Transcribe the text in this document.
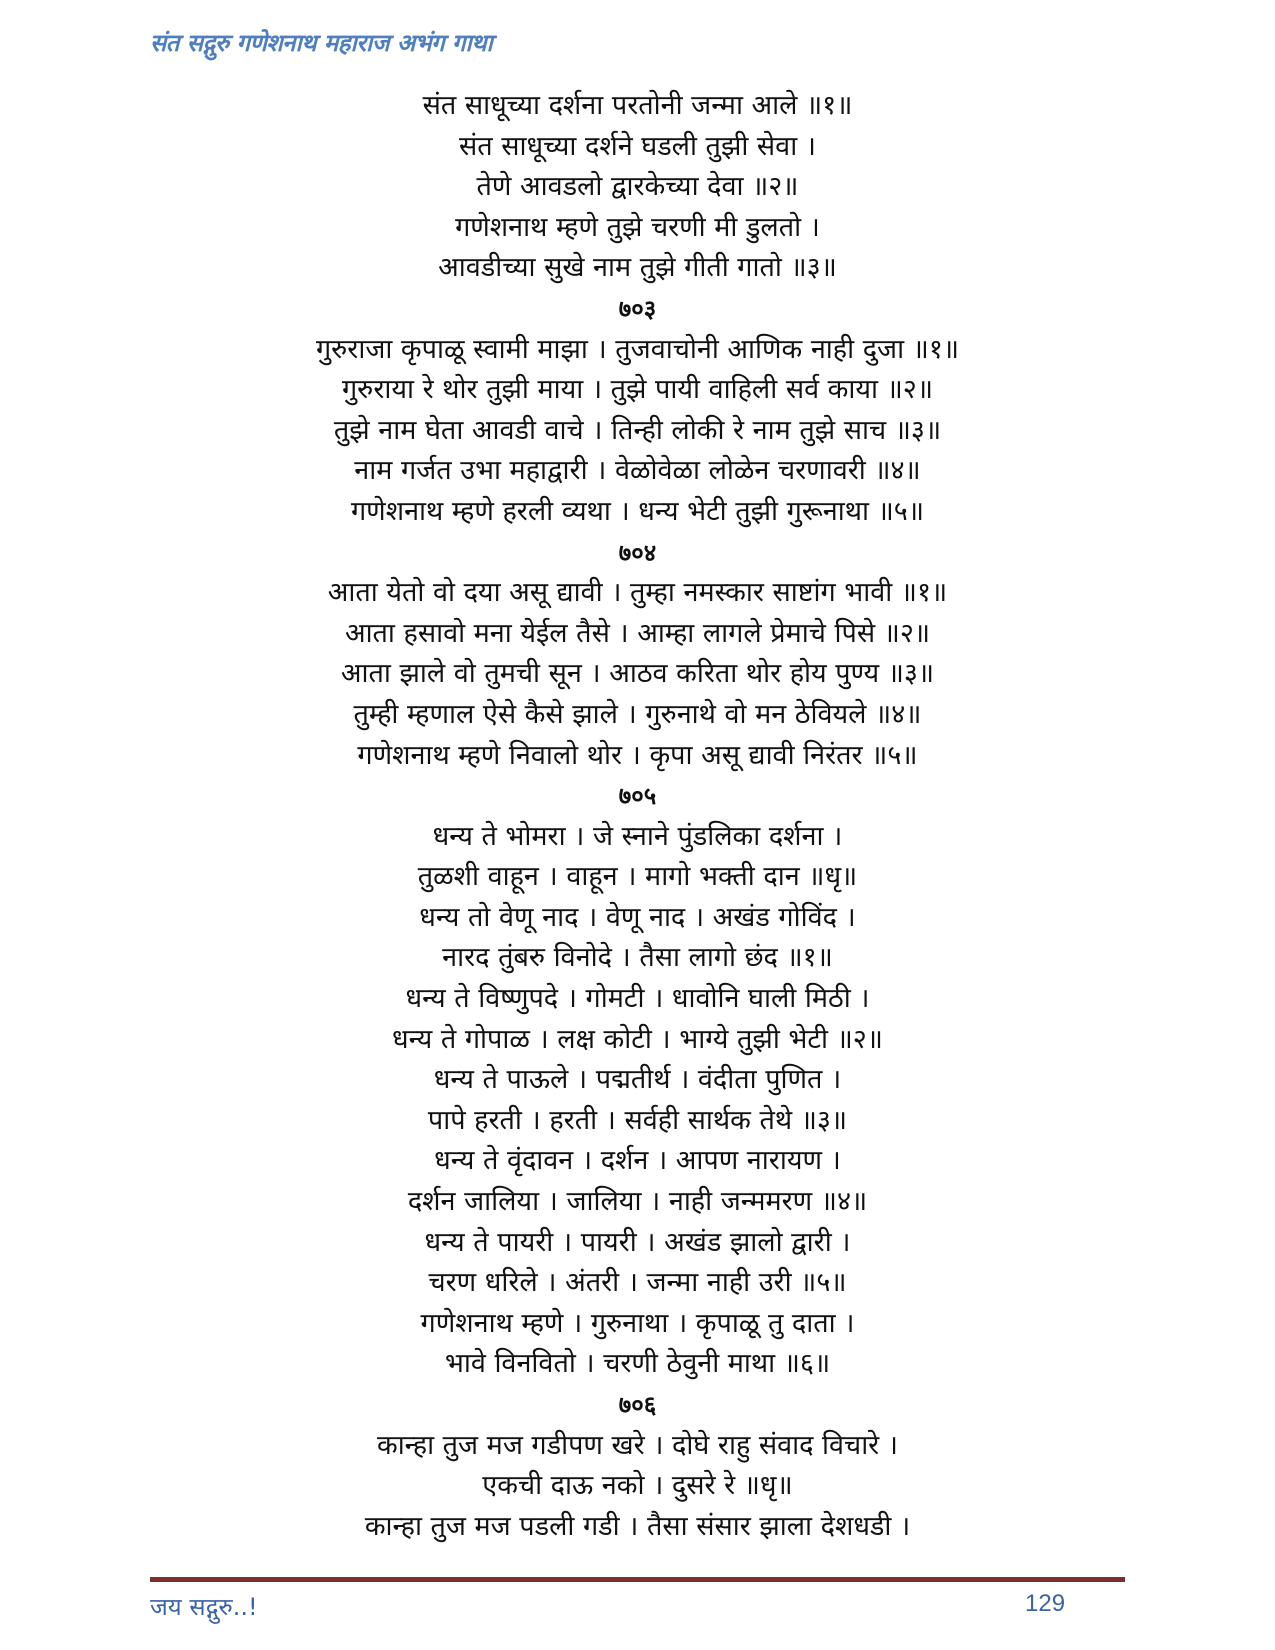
संत सद्गुरु गणेशनाथ महाराज अभंग गाथा
संत साधूच्या दर्शना परतोनी जन्मा आले ॥१॥
संत साधूच्या दर्शने घडली तुझी सेवा ।
तेणे आवडलो द्वारकेच्या देवा ॥२॥
गणेशनाथ म्हणे तुझे चरणी मी डुलतो ।
आवडीच्या सुखे नाम तुझे गीती गातो ॥३॥
७०३
गुरुराजा कृपाळू स्वामी माझा । तुजवाचोनी आणिक नाही दुजा ॥१॥
गुरुराया रे थोर तुझी माया । तुझे पायी वाहिली सर्व काया ॥२॥
तुझे नाम घेता आवडी वाचे । तिन्ही लोकी रे नाम तुझे साच ॥३॥
नाम गर्जत उभा महाद्वारी । वेळोवेळा लोळेन चरणावरी ॥४॥
गणेशनाथ म्हणे हरली व्यथा । धन्य भेटी तुझी गुरूनाथा ॥५॥
७०४
आता येतो वो दया असू द्यावी । तुम्हा नमस्कार साष्टांग भावी ॥१॥
आता हसावो मना येईल तैसे । आम्हा लागले प्रेमाचे पिसे ॥२॥
आता झाले वो तुमची सून । आठव करिता थोर होय पुण्य ॥३॥
तुम्ही म्हणाल ऐसे कैसे झाले । गुरुनाथे वो मन ठेवियले ॥४॥
गणेशनाथ म्हणे निवालो थोर । कृपा असू द्यावी निरंतर ॥५॥
७०५
धन्य ते भोमरा । जे स्नाने पुंडलिका दर्शना ।
तुळशी वाहून । वाहून । मागो भक्ती दान ॥धृ॥
धन्य तो वेणू नाद । वेणू नाद । अखंड गोविंद ।
नारद तुंबरु विनोदे । तैसा लागो छंद ॥१॥
धन्य ते विष्णुपदे । गोमटी । धावोनि घाली मिठी ।
धन्य ते गोपाळ । लक्ष कोटी । भाग्ये तुझी भेटी ॥२॥
धन्य ते पाऊले । पद्मतीर्थ । वंदीता पुणित ।
पापे हरती । हरती । सर्वही सार्थक तेथे ॥३॥
धन्य ते वृंदावन । दर्शन । आपण नारायण ।
दर्शन जालिया । जालिया । नाही जन्ममरण ॥४॥
धन्य ते पायरी । पायरी । अखंड झालो द्वारी ।
चरण धरिले । अंतरी । जन्मा नाही उरी ॥५॥
गणेशनाथ म्हणे । गुरुनाथा । कृपाळू तु दाता ।
भावे विनवितो । चरणी ठेवुनी माथा ॥६॥
७०६
कान्हा तुज मज गडीपण खरे । दोघे राहु संवाद विचारे ।
एकची दाऊ नको । दुसरे रे ॥धृ॥
कान्हा तुज मज पडली गडी । तैसा संसार झाला देशधडी ।
जय सद्गुरु..!	129
